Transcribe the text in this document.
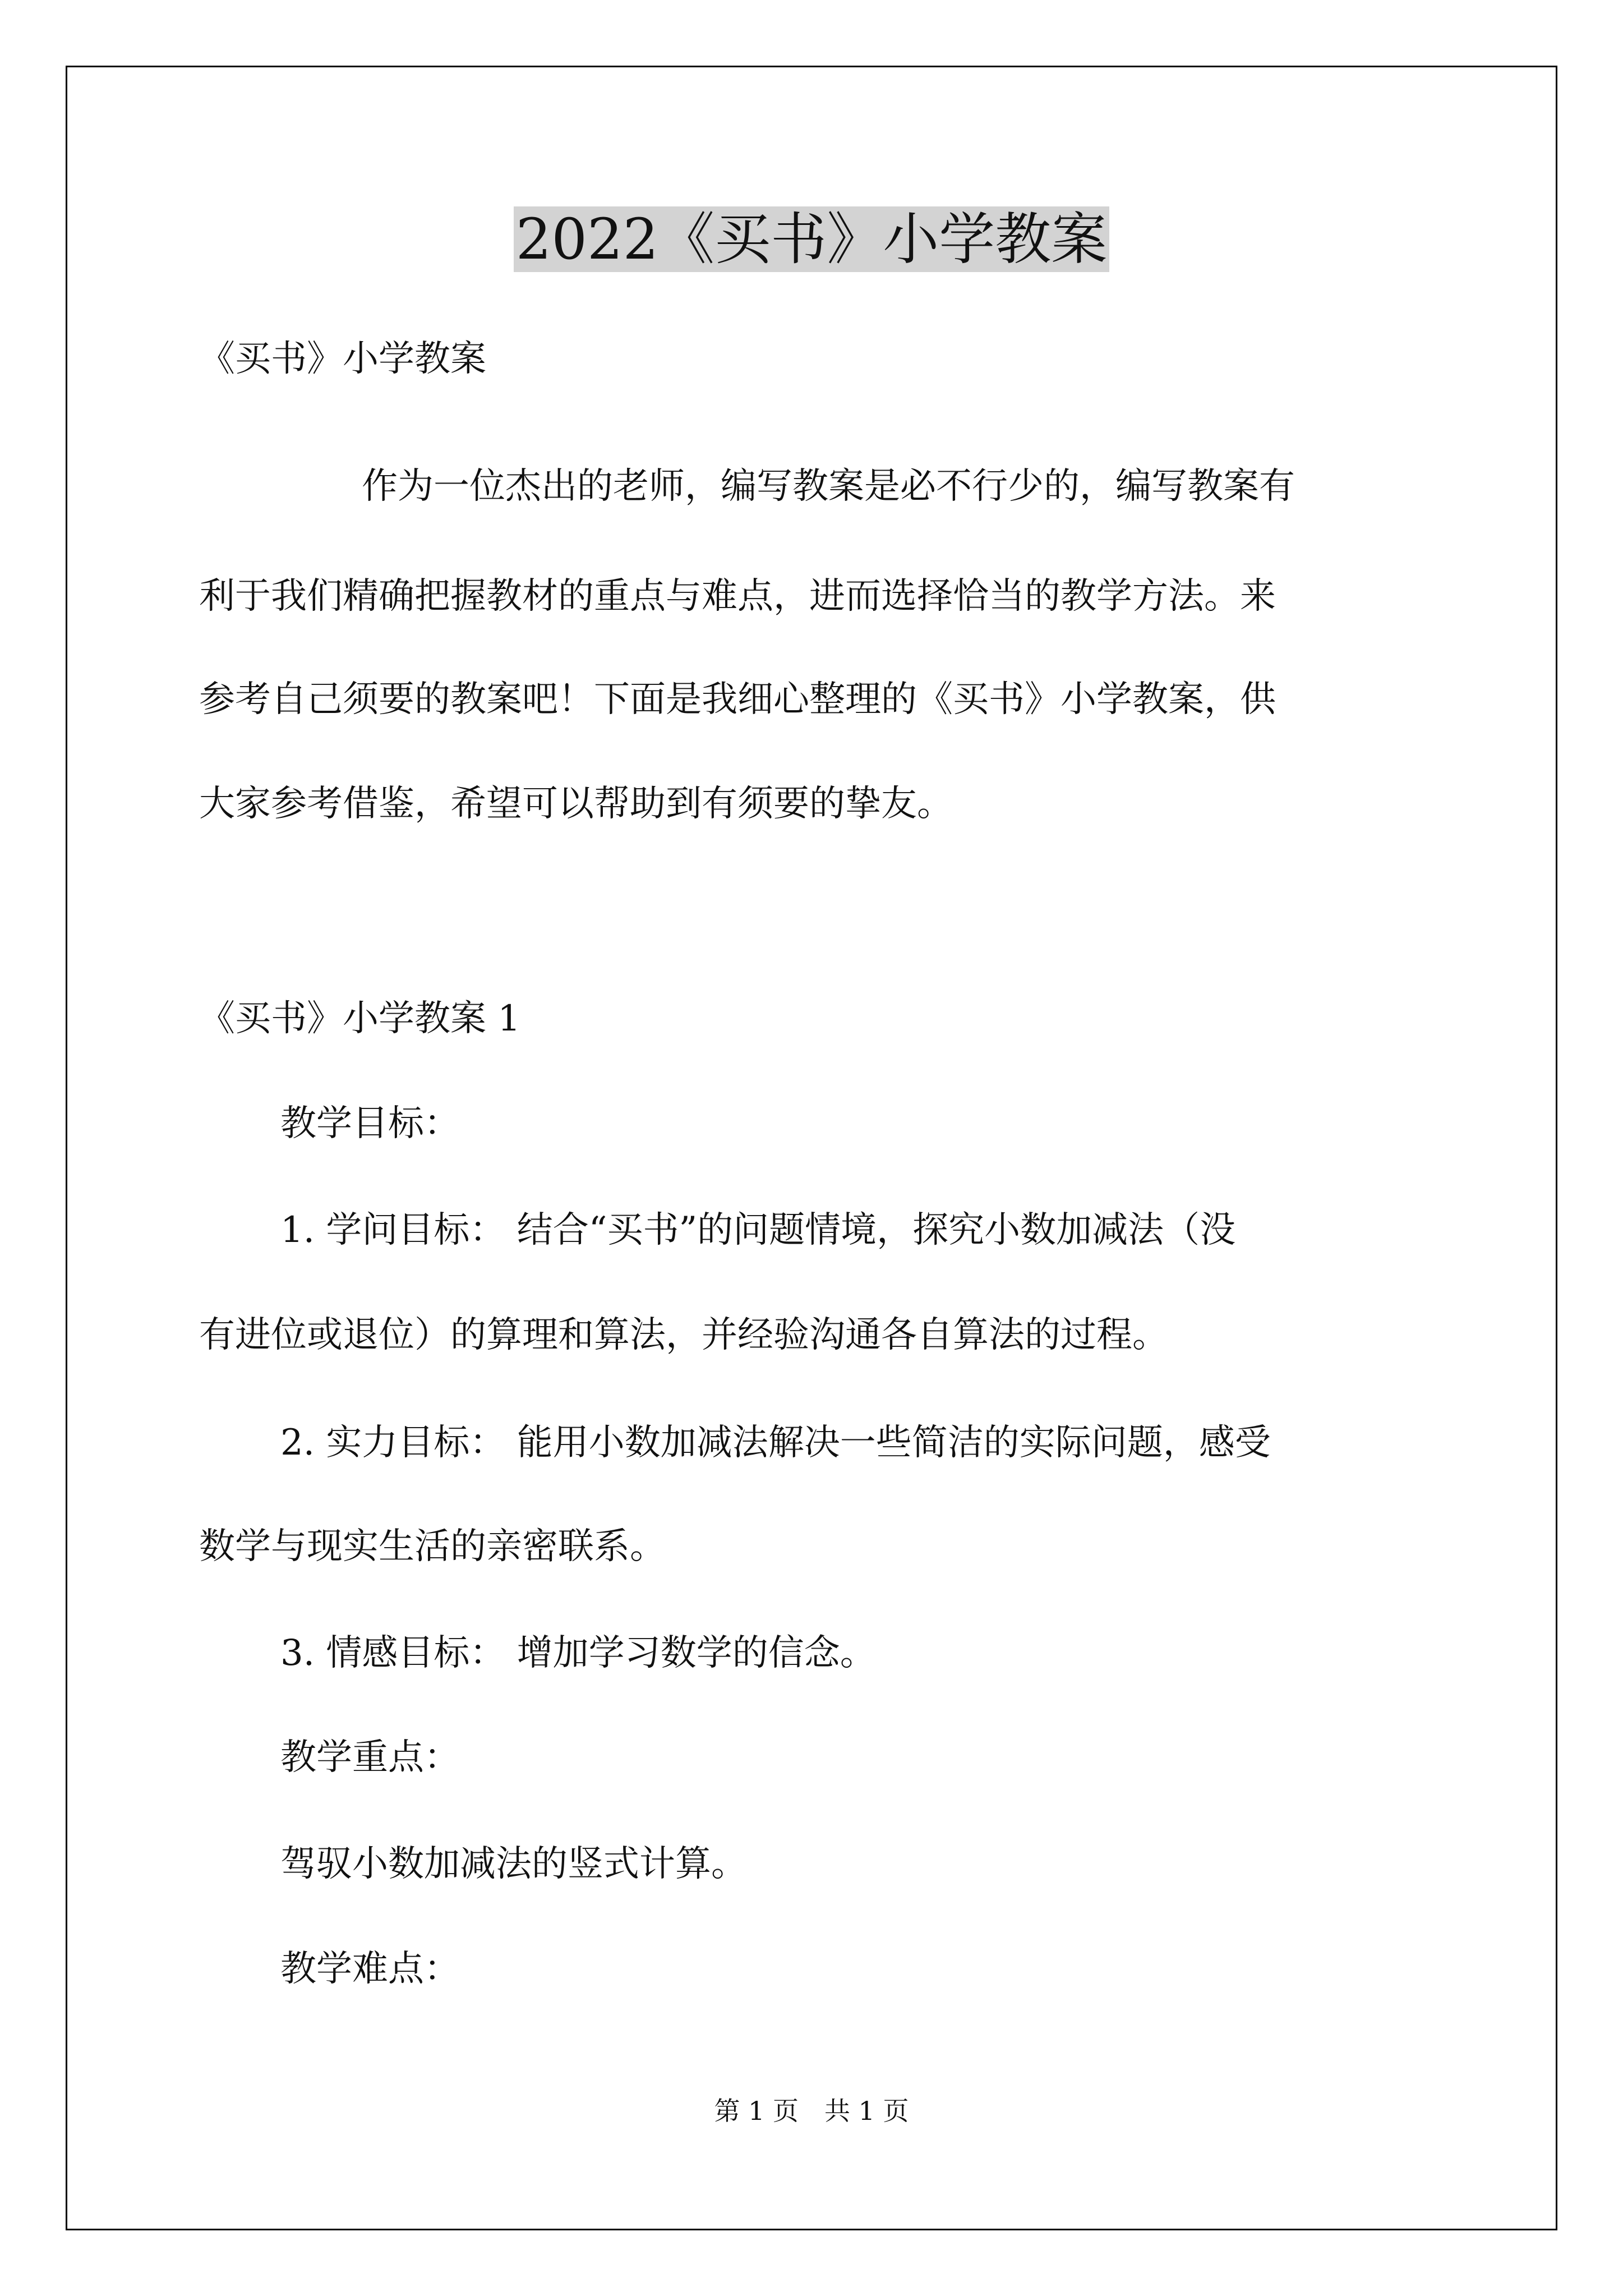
2022《买书》小学教案
《买书》小学教案
作为一位杰出的老师，编写教案是必不行少的，编写教案有
利于我们精确把握教材的重点与难点，进而选择恰当的教学方法。来
参考自己须要的教案吧！下面是我细心整理的《买书》小学教案，供
大家参考借鉴，希望可以帮助到有须要的挚友。
《买书》小学教案 1
教学目标：
1. 学问目标： 结合“买书”的问题情境，探究小数加减法（没
有进位或退位）的算理和算法，并经验沟通各自算法的过程。
2. 实力目标： 能用小数加减法解决一些简洁的实际问题，感受
数学与现实生活的亲密联系。
3. 情感目标： 增加学习数学的信念。
教学重点：
驾驭小数加减法的竖式计算。
教学难点：
第 1 页　共 1 页
